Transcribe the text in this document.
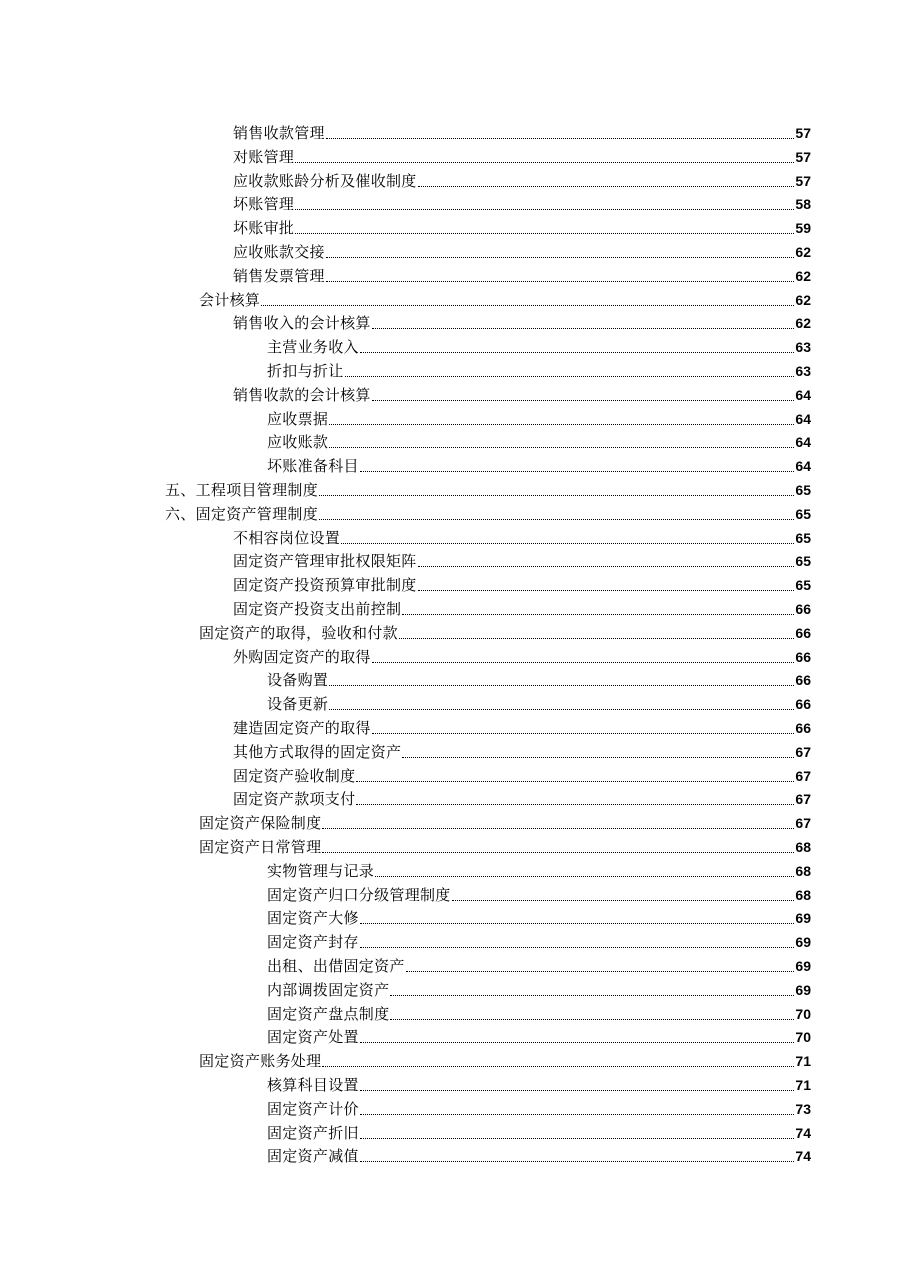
销售收款管理	57
对账管理	57
应收款账龄分析及催收制度	57
坏账管理	58
坏账审批	59
应收账款交接	62
销售发票管理	62
会计核算	62
销售收入的会计核算	62
主营业务收入	63
折扣与折让	63
销售收款的会计核算	64
应收票据	64
应收账款	64
坏账准备科目	64
五、工程项目管理制度	65
六、固定资产管理制度	65
不相容岗位设置	65
固定资产管理审批权限矩阵	65
固定资产投资预算审批制度	65
固定资产投资支出前控制	66
固定资产的取得，验收和付款	66
外购固定资产的取得	66
设备购置	66
设备更新	66
建造固定资产的取得	66
其他方式取得的固定资产	67
固定资产验收制度	67
固定资产款项支付	67
固定资产保险制度	67
固定资产日常管理	68
实物管理与记录	68
固定资产归口分级管理制度	68
固定资产大修	69
固定资产封存	69
出租、出借固定资产	69
内部调拨固定资产	69
固定资产盘点制度	70
固定资产处置	70
固定资产账务处理	71
核算科目设置	71
固定资产计价	73
固定资产折旧	74
固定资产减值	74
